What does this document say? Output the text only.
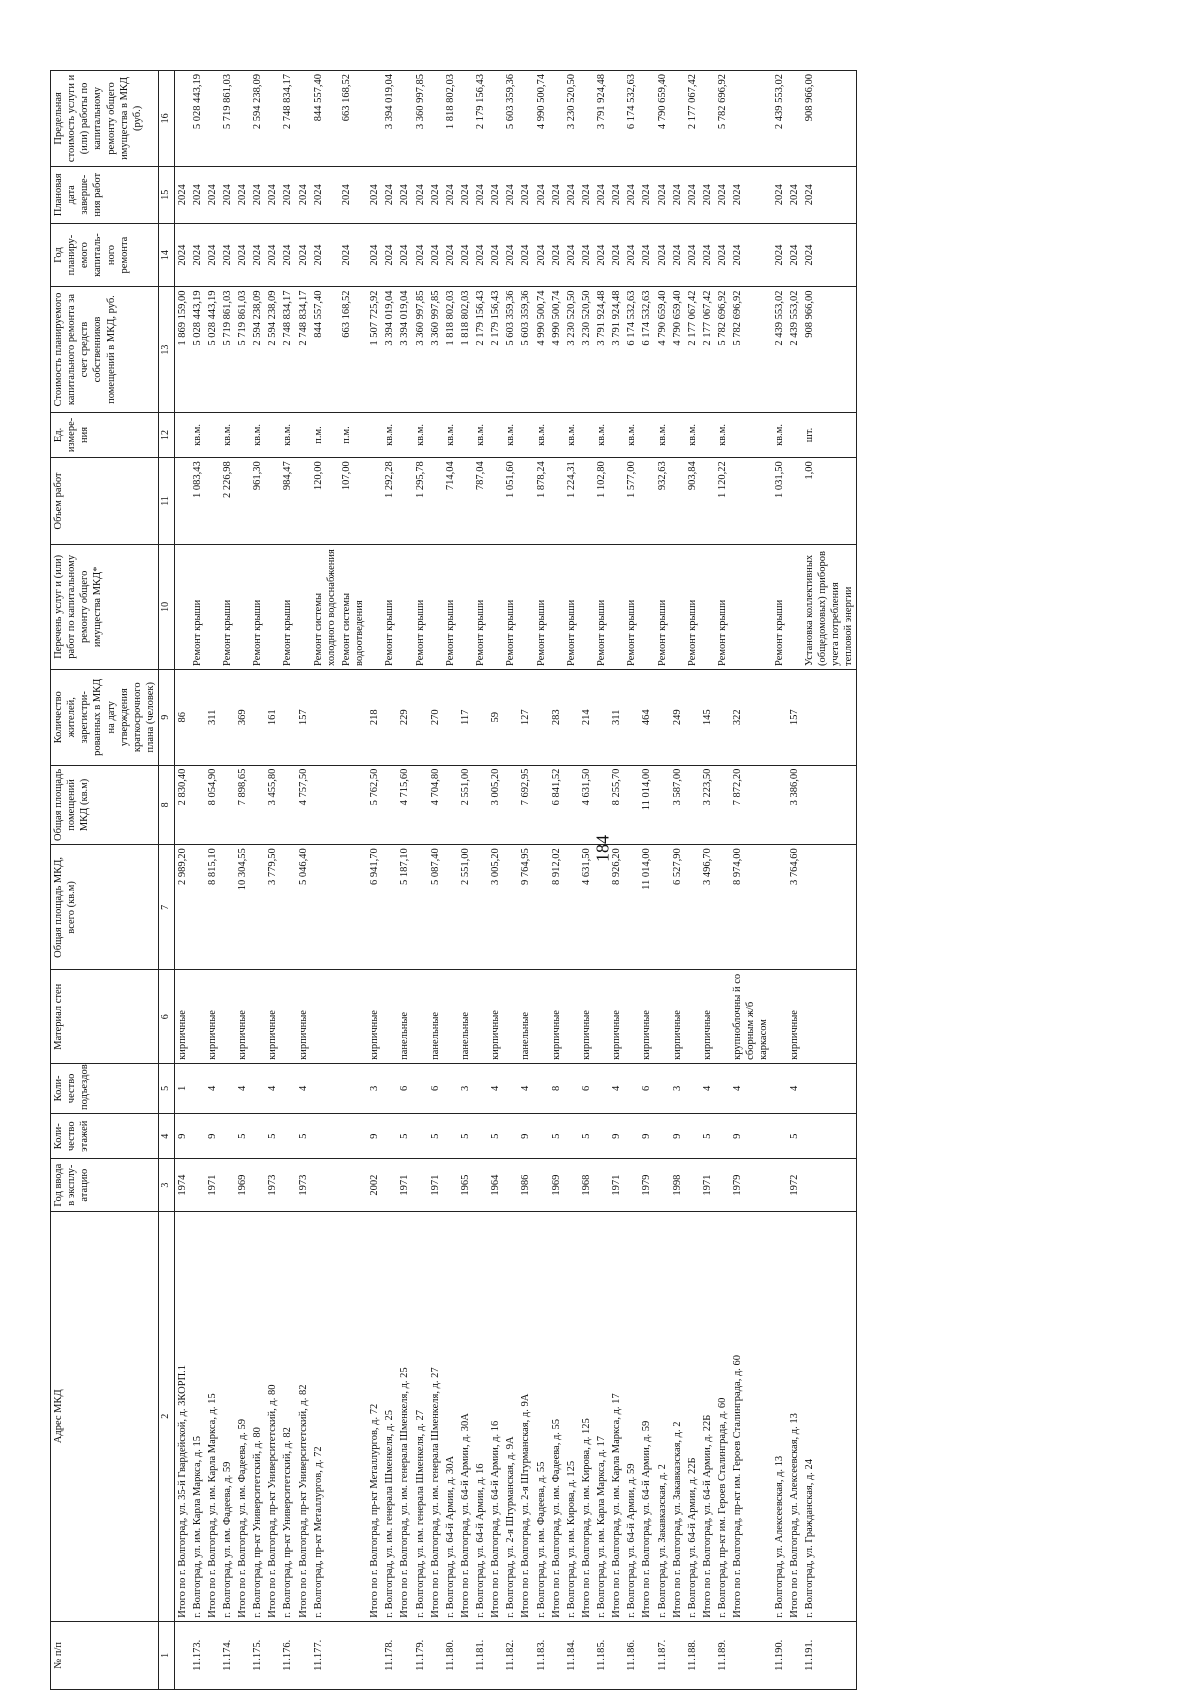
184
№ п/п	Адрес МКД	Год ввода в эксплу-атацию	Коли-чество этажей	Коли-чество подъездов	Материал стен	Общая площадь МКД, всего (кв.м)	Общая площадь помещений МКД (кв.м)	Количество жителей, зарегистри-рованных в МКД на дату утверждения краткосрочного плана (человек)	Перечень услуг и (или) работ по капитальному ремонту общего имущества МКД*	Объем работ	Ед. измере-ния	Стоимость планируемого капитального ремонта за счет средств собственников помещений в МКД, руб.	Год планиру-емого капиталь-ного ремонта	Плановая дата заверше-ния работ	Предельная стоимость услуги и (или) работы по капитальному ремонту общего имущества в МКД (руб.)
1	2	3	4	5	6	7	8	9	10	11	12	13	14	15	16
	Итого по г. Волгоград, ул. 35-й Гвардейской, д. 3КОРП.1	1974	9	1	кирпичные	2 989,20	2 830,40	86				1 869 159,00	2024	2024	
11.173.	г. Волгоград, ул. им. Карла Маркса, д. 15								Ремонт крыши	1 083,43	кв.м.	5 028 443,19	2024	2024	5 028 443,19
	Итого по г. Волгоград, ул. им. Карла Маркса, д. 15	1971	9	4	кирпичные	8 815,10	8 054,90	311				5 028 443,19	2024	2024	
11.174.	г. Волгоград, ул. им. Фадеева, д. 59								Ремонт крыши	2 226,98	кв.м.	5 719 861,03	2024	2024	5 719 861,03
	Итого по г. Волгоград, ул. им. Фадеева, д. 59	1969	5	4	кирпичные	10 304,55	7 898,65	369				5 719 861,03	2024	2024	
11.175.	г. Волгоград, пр-кт Университетский, д. 80								Ремонт крыши	961,30	кв.м.	2 594 238,09	2024	2024	2 594 238,09
	Итого по г. Волгоград, пр-кт Университетский, д. 80	1973	5	4	кирпичные	3 779,50	3 455,80	161				2 594 238,09	2024	2024	
11.176.	г. Волгоград, пр-кт Университетский, д. 82								Ремонт крыши	984,47	кв.м.	2 748 834,17	2024	2024	2 748 834,17
	Итого по г. Волгоград, пр-кт Университетский, д. 82	1973	5	4	кирпичные	5 046,40	4 757,50	157				2 748 834,17	2024	2024	
11.177.	г. Волгоград, пр-кт Металлургов, д. 72								Ремонт системы холодного водоснабжения	120,00	п.м.	844 557,40	2024	2024	844 557,40
									Ремонт системы водоотведения	107,00	п.м.	663 168,52	2024	2024	663 168,52
	Итого по г. Волгоград, пр-кт Металлургов, д. 72	2002	9	3	кирпичные	6 941,70	5 762,50	218				1 507 725,92	2024	2024	
11.178.	г. Волгоград, ул. им. генерала Шменкеля, д. 25								Ремонт крыши	1 292,28	кв.м.	3 394 019,04	2024	2024	3 394 019,04
	Итого по г. Волгоград, ул. им. генерала Шменкеля, д. 25	1971	5	6	панельные	5 187,10	4 715,60	229				3 394 019,04	2024	2024	
11.179.	г. Волгоград, ул. им. генерала Шменкеля, д. 27								Ремонт крыши	1 295,78	кв.м.	3 360 997,85	2024	2024	3 360 997,85
	Итого по г. Волгоград, ул. им. генерала Шменкеля, д. 27	1971	5	6	панельные	5 087,40	4 704,80	270				3 360 997,85	2024	2024	
11.180.	г. Волгоград, ул. 64-й Армии, д. 30А								Ремонт крыши	714,04	кв.м.	1 818 802,03	2024	2024	1 818 802,03
	Итого по г. Волгоград, ул. 64-й Армии, д. 30А	1965	5	3	панельные	2 551,00	2 551,00	117				1 818 802,03	2024	2024	
11.181.	г. Волгоград, ул. 64-й Армии, д. 16								Ремонт крыши	787,04	кв.м.	2 179 156,43	2024	2024	2 179 156,43
	Итого по г. Волгоград, ул. 64-й Армии, д. 16	1964	5	4	кирпичные	3 005,20	3 005,20	59				2 179 156,43	2024	2024	
11.182.	г. Волгоград, ул. 2-я Штурманская, д. 9А								Ремонт крыши	1 051,60	кв.м.	5 603 359,36	2024	2024	5 603 359,36
	Итого по г. Волгоград, ул. 2-я Штурманская, д. 9А	1986	9	4	панельные	9 764,95	7 692,95	127				5 603 359,36	2024	2024	
11.183.	г. Волгоград, ул. им. Фадеева, д. 55								Ремонт крыши	1 878,24	кв.м.	4 990 500,74	2024	2024	4 990 500,74
	Итого по г. Волгоград, ул. им. Фадеева, д. 55	1969	5	8	кирпичные	8 912,02	6 841,52	283				4 990 500,74	2024	2024	
11.184.	г. Волгоград, ул. им. Кирова, д. 125								Ремонт крыши	1 224,31	кв.м.	3 230 520,50	2024	2024	3 230 520,50
	Итого по г. Волгоград, ул. им. Кирова, д. 125	1968	5	6	кирпичные	4 631,50	4 631,50	214				3 230 520,50	2024	2024	
11.185.	г. Волгоград, ул. им. Карла Маркса, д. 17								Ремонт крыши	1 102,80	кв.м.	3 791 924,48	2024	2024	3 791 924,48
	Итого по г. Волгоград, ул. им. Карла Маркса, д. 17	1971	9	4	кирпичные	8 926,20	8 255,70	311				3 791 924,48	2024	2024	
11.186.	г. Волгоград, ул. 64-й Армии, д. 59								Ремонт крыши	1 577,00	кв.м.	6 174 532,63	2024	2024	6 174 532,63
	Итого по г. Волгоград, ул. 64-й Армии, д. 59	1979	9	6	кирпичные	11 014,00	11 014,00	464				6 174 532,63	2024	2024	
11.187.	г. Волгоград, ул. Закавказская, д. 2								Ремонт крыши	932,63	кв.м.	4 790 659,40	2024	2024	4 790 659,40
	Итого по г. Волгоград, ул. Закавказская, д. 2	1998	9	3	кирпичные	6 527,90	3 587,00	249				4 790 659,40	2024	2024	
11.188.	г. Волгоград, ул. 64-й Армии, д. 22Б								Ремонт крыши	903,84	кв.м.	2 177 067,42	2024	2024	2 177 067,42
	Итого по г. Волгоград, ул. 64-й Армии, д. 22Б	1971	5	4	кирпичные	3 496,70	3 223,50	145				2 177 067,42	2024	2024	
11.189.	г. Волгоград, пр-кт им. Героев Сталинграда, д. 60								Ремонт крыши	1 120,22	кв.м.	5 782 696,92	2024	2024	5 782 696,92
	Итого по г. Волгоград, пр-кт им. Героев Сталинграда, д. 60	1979	9	4	крупноблочны й со сборным ж/б каркасом	8 974,00	7 872,20	322				5 782 696,92	2024	2024	
11.190.	г. Волгоград, ул. Алексеевская, д. 13								Ремонт крыши	1 031,50	кв.м.	2 439 553,02	2024	2024	2 439 553,02
	Итого по г. Волгоград, ул. Алексеевская, д. 13	1972	5	4	кирпичные	3 764,60	3 386,00	157				2 439 553,02	2024	2024	
11.191.	г. Волгоград, ул. Гражданская, д. 24								Установка коллективных (общедомовых) приборов учета потребления тепловой энергии	1,00	шт.	908 966,00	2024	2024	908 966,00
